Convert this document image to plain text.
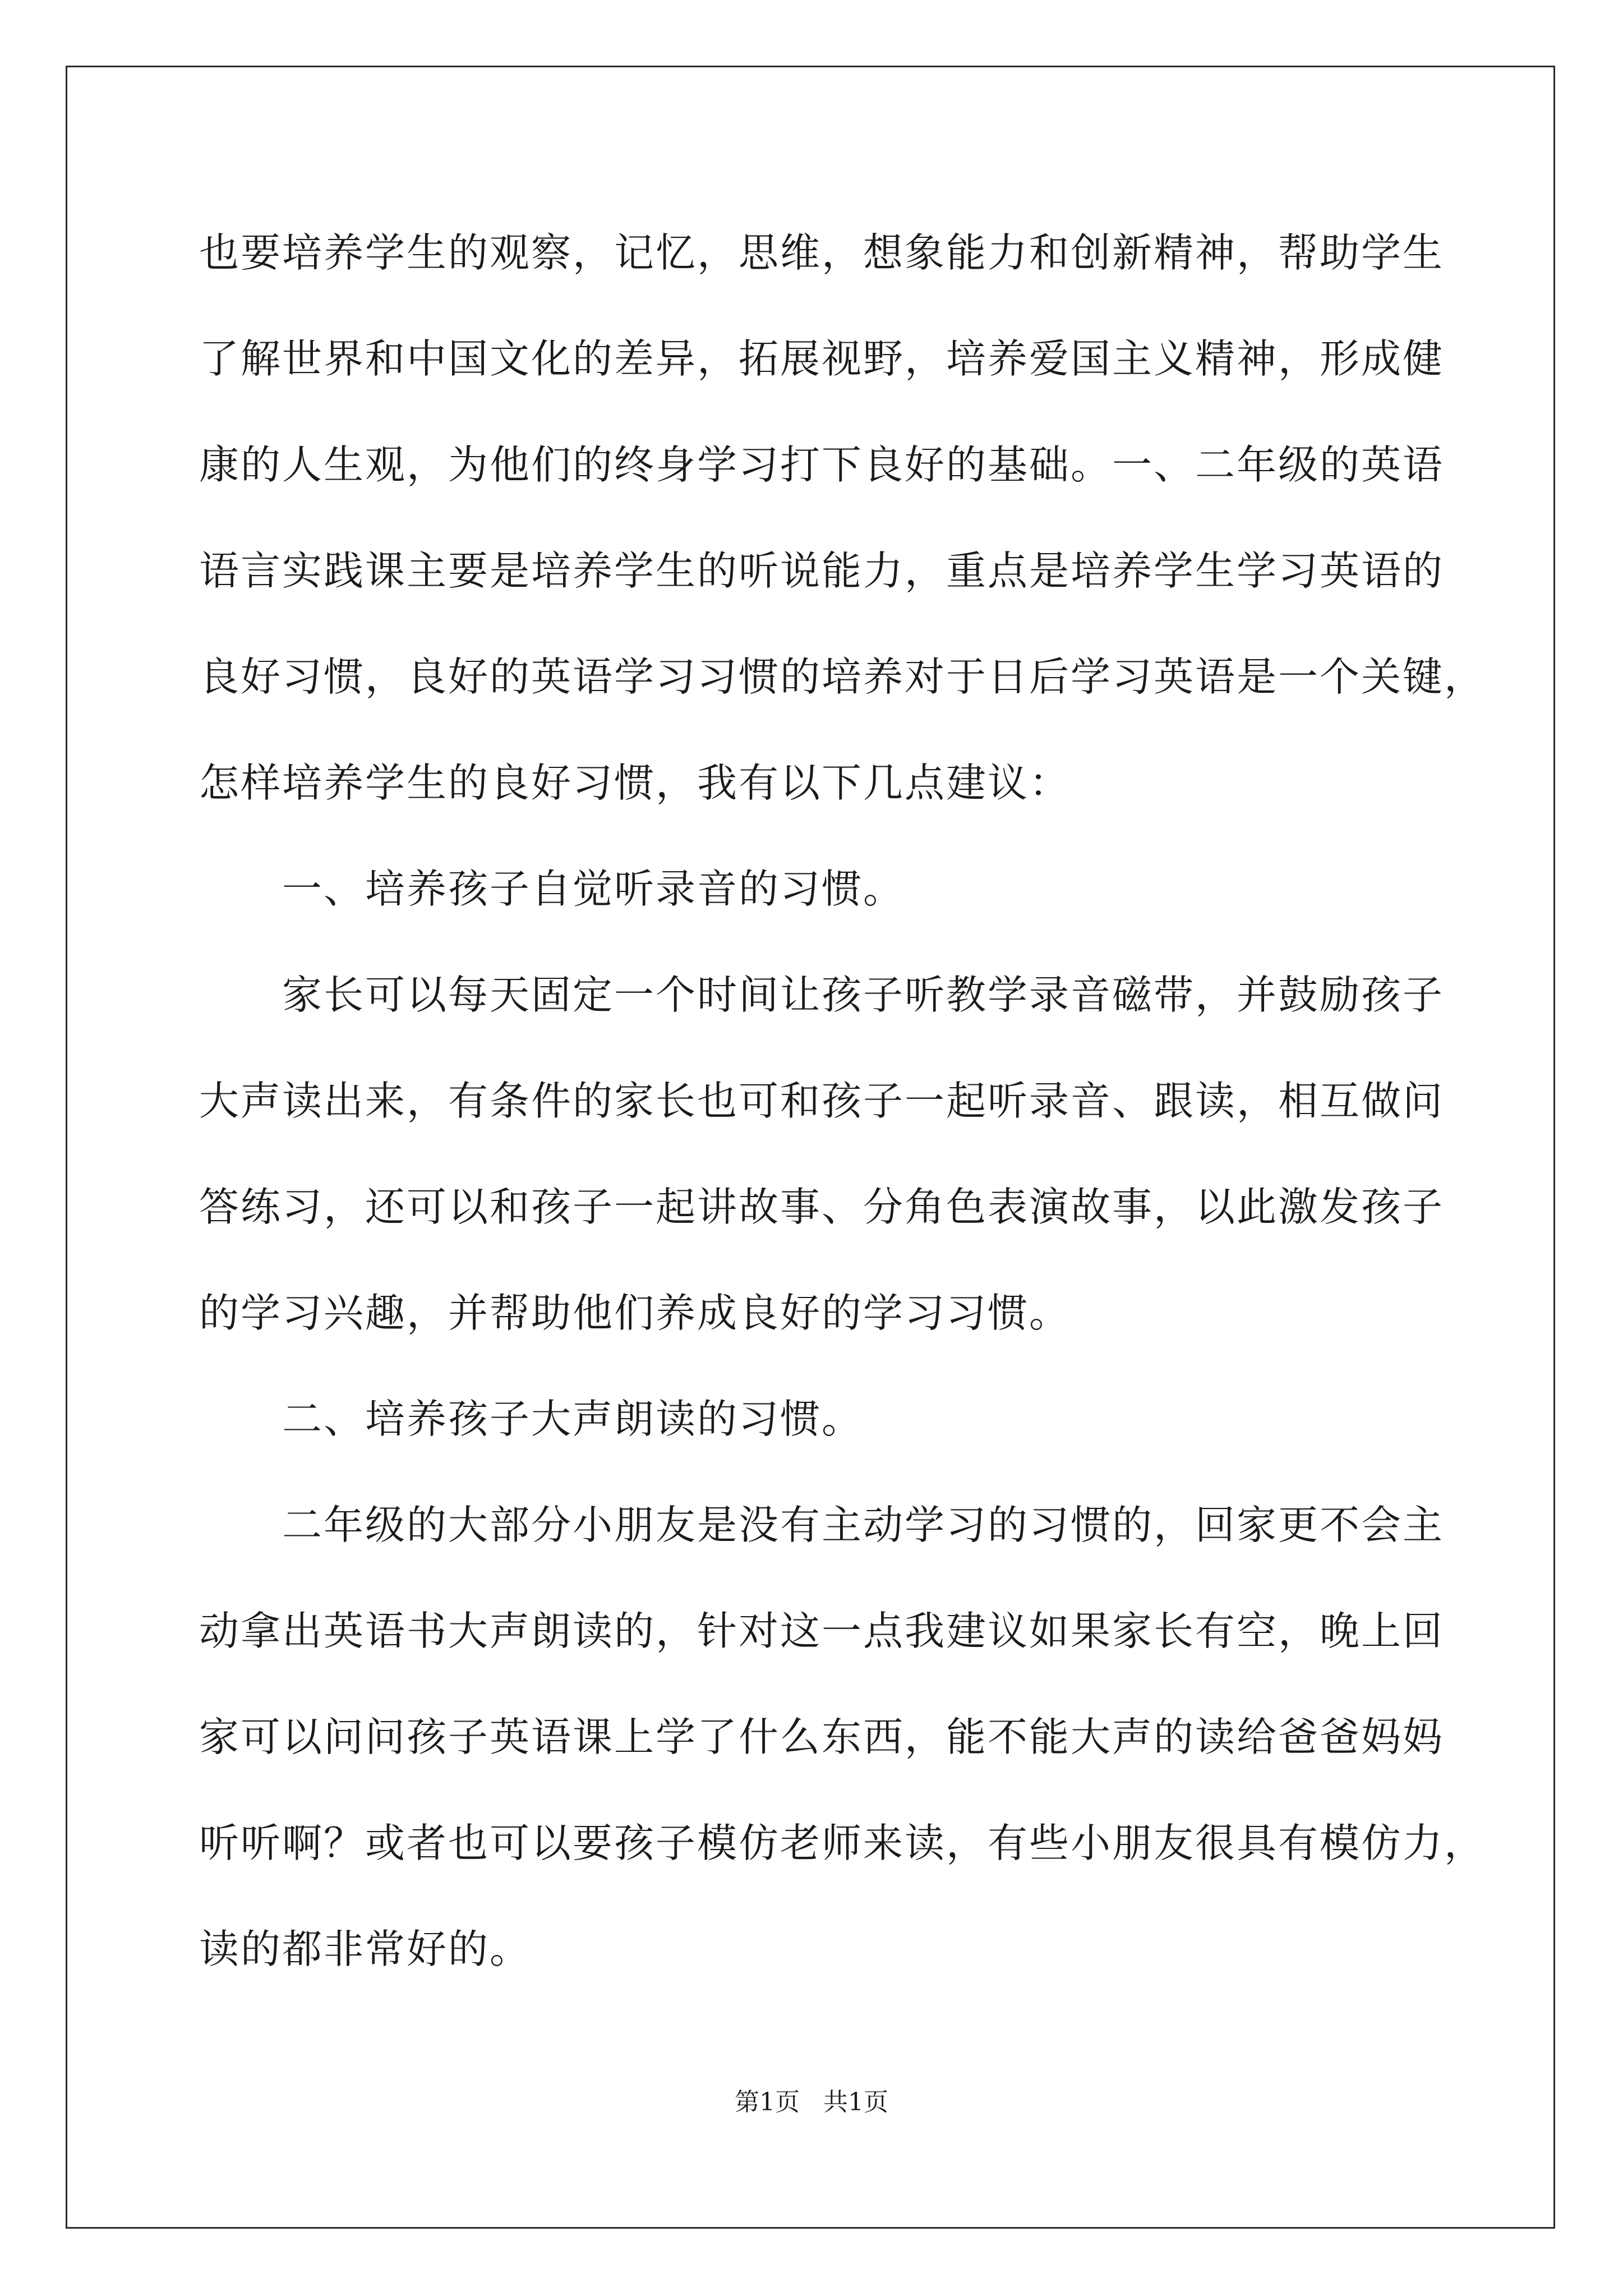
也要培养学生的观察，记忆，思维，想象能力和创新精神，帮助学生
了解世界和中国文化的差异，拓展视野，培养爱国主义精神，形成健
康的人生观，为他们的终身学习打下良好的基础。一、二年级的英语
语言实践课主要是培养学生的听说能力，重点是培养学生学习英语的
良好习惯，良好的英语学习习惯的培养对于日后学习英语是一个关键，
怎样培养学生的良好习惯，我有以下几点建议：
一、培养孩子自觉听录音的习惯。
家长可以每天固定一个时间让孩子听教学录音磁带，并鼓励孩子
大声读出来，有条件的家长也可和孩子一起听录音、跟读，相互做问
答练习，还可以和孩子一起讲故事、分角色表演故事，以此激发孩子
的学习兴趣，并帮助他们养成良好的学习习惯。
二、培养孩子大声朗读的习惯。
二年级的大部分小朋友是没有主动学习的习惯的，回家更不会主
动拿出英语书大声朗读的，针对这一点我建议如果家长有空，晚上回
家可以问问孩子英语课上学了什么东西，能不能大声的读给爸爸妈妈
听听啊？或者也可以要孩子模仿老师来读，有些小朋友很具有模仿力，
读的都非常好的。
第1页   共1页
